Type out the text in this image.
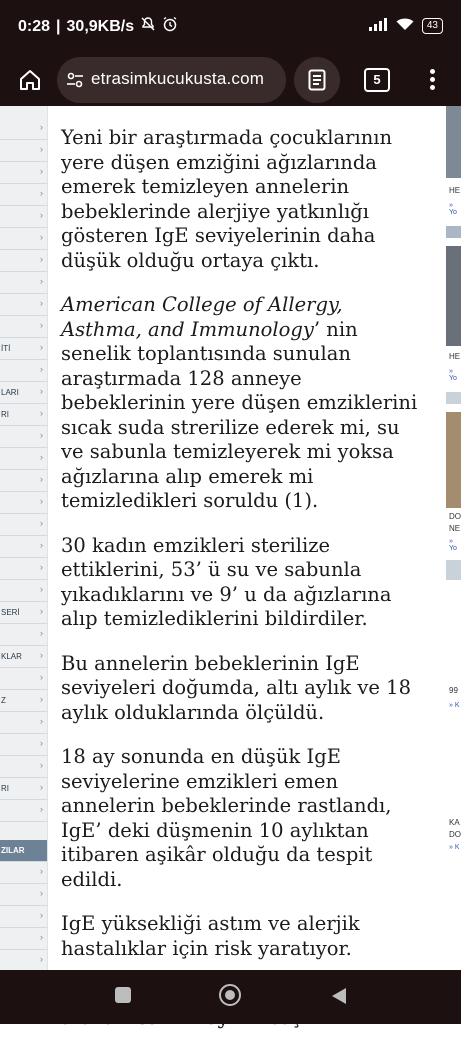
0:28 | 30,9KB/s	43
etrasimkucukusta.com	5
›
›
›
›
›
›
›
›
›
›
İTİ	›
›
LARI ›
RI	›
›
›
›
›
›
›
›
›
SERİ ›
›
KLAR ›
›
Z	›
›
›
›
RI	›
›
ZILAR
›
›
›
›
›

Yeni bir araştırmada çocuklarının yere düşen emziğini ağızlarında emerek temizleyen annelerin bebeklerinde alerjiye yatkınlığı gösteren IgE seviyelerinin daha düşük olduğu ortaya çıktı.

American College of Allergy, Asthma, and Immunology’ nin senelik toplantısında sunulan araştırmada 128 anneye bebeklerinin yere düşen emziklerini sıcak suda strerilize ederek mi, su ve sabunla temizleyerek mi yoksa ağızlarına alıp emerek mi temizledikleri soruldu (1).

30 kadın emzikleri sterilize ettiklerini, 53’ ü su ve sabunla yıkadıklarını ve 9’ u da ağızlarına alıp temizlediklerini bildirdiler.

Bu annelerin bebeklerinin IgE seviyeleri doğumda, altı aylık ve 18 aylık olduklarında ölçüldü.

18 ay sonunda en düşük IgE seviyelerine emzikleri emen annelerin bebeklerinde rastlandı, IgE’ deki düşmenin 10 aylıktan itibaren aşikâr olduğu da tespit edildi.

IgE yüksekliği astım ve alerjik hastalıklar için risk yaratıyor.

HE
» Yo
HE
» Yo
DO
NE
» Yo
99
» K
KA
DO
» K
